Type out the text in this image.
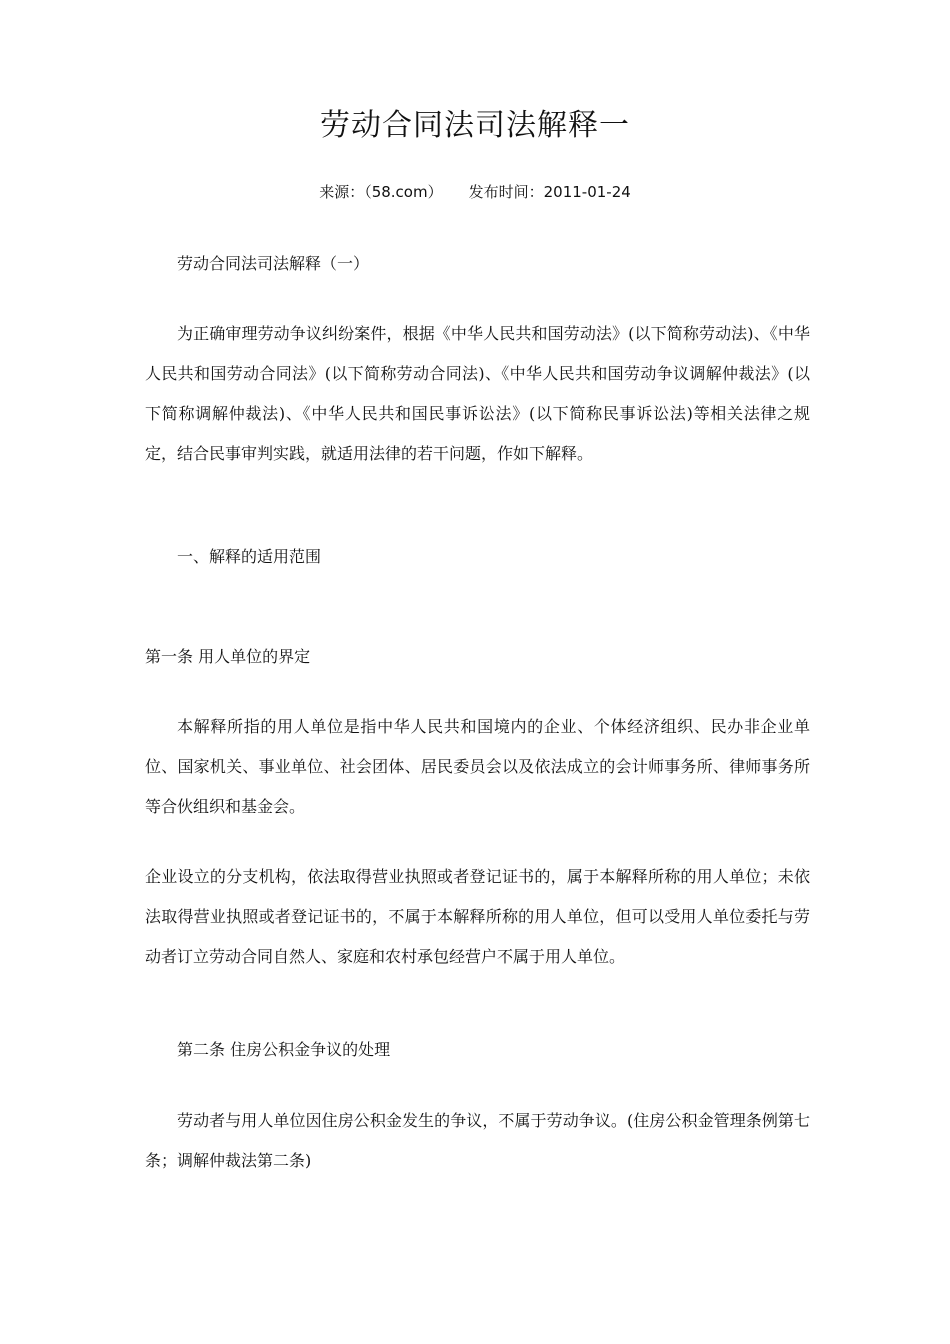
劳动合同法司法解释一
来源：（58.com） 发布时间：2011-01-24
劳动合同法司法解释（一）
为正确审理劳动争议纠纷案件，根据《中华人民共和国劳动法》(以下简称劳动法)、《中华人民共和国劳动合同法》(以下简称劳动合同法)、《中华人民共和国劳动争议调解仲裁法》(以下简称调解仲裁法)、《中华人民共和国民事诉讼法》(以下简称民事诉讼法)等相关法律之规定，结合民事审判实践，就适用法律的若干问题，作如下解释。
一、解释的适用范围
第一条 用人单位的界定
本解释所指的用人单位是指中华人民共和国境内的企业、个体经济组织、民办非企业单位、国家机关、事业单位、社会团体、居民委员会以及依法成立的会计师事务所、律师事务所等合伙组织和基金会。
企业设立的分支机构，依法取得营业执照或者登记证书的，属于本解释所称的用人单位；未依法取得营业执照或者登记证书的，不属于本解释所称的用人单位，但可以受用人单位委托与劳动者订立劳动合同自然人、家庭和农村承包经营户不属于用人单位。
第二条 住房公积金争议的处理
劳动者与用人单位因住房公积金发生的争议，不属于劳动争议。(住房公积金管理条例第七条；调解仲裁法第二条)
